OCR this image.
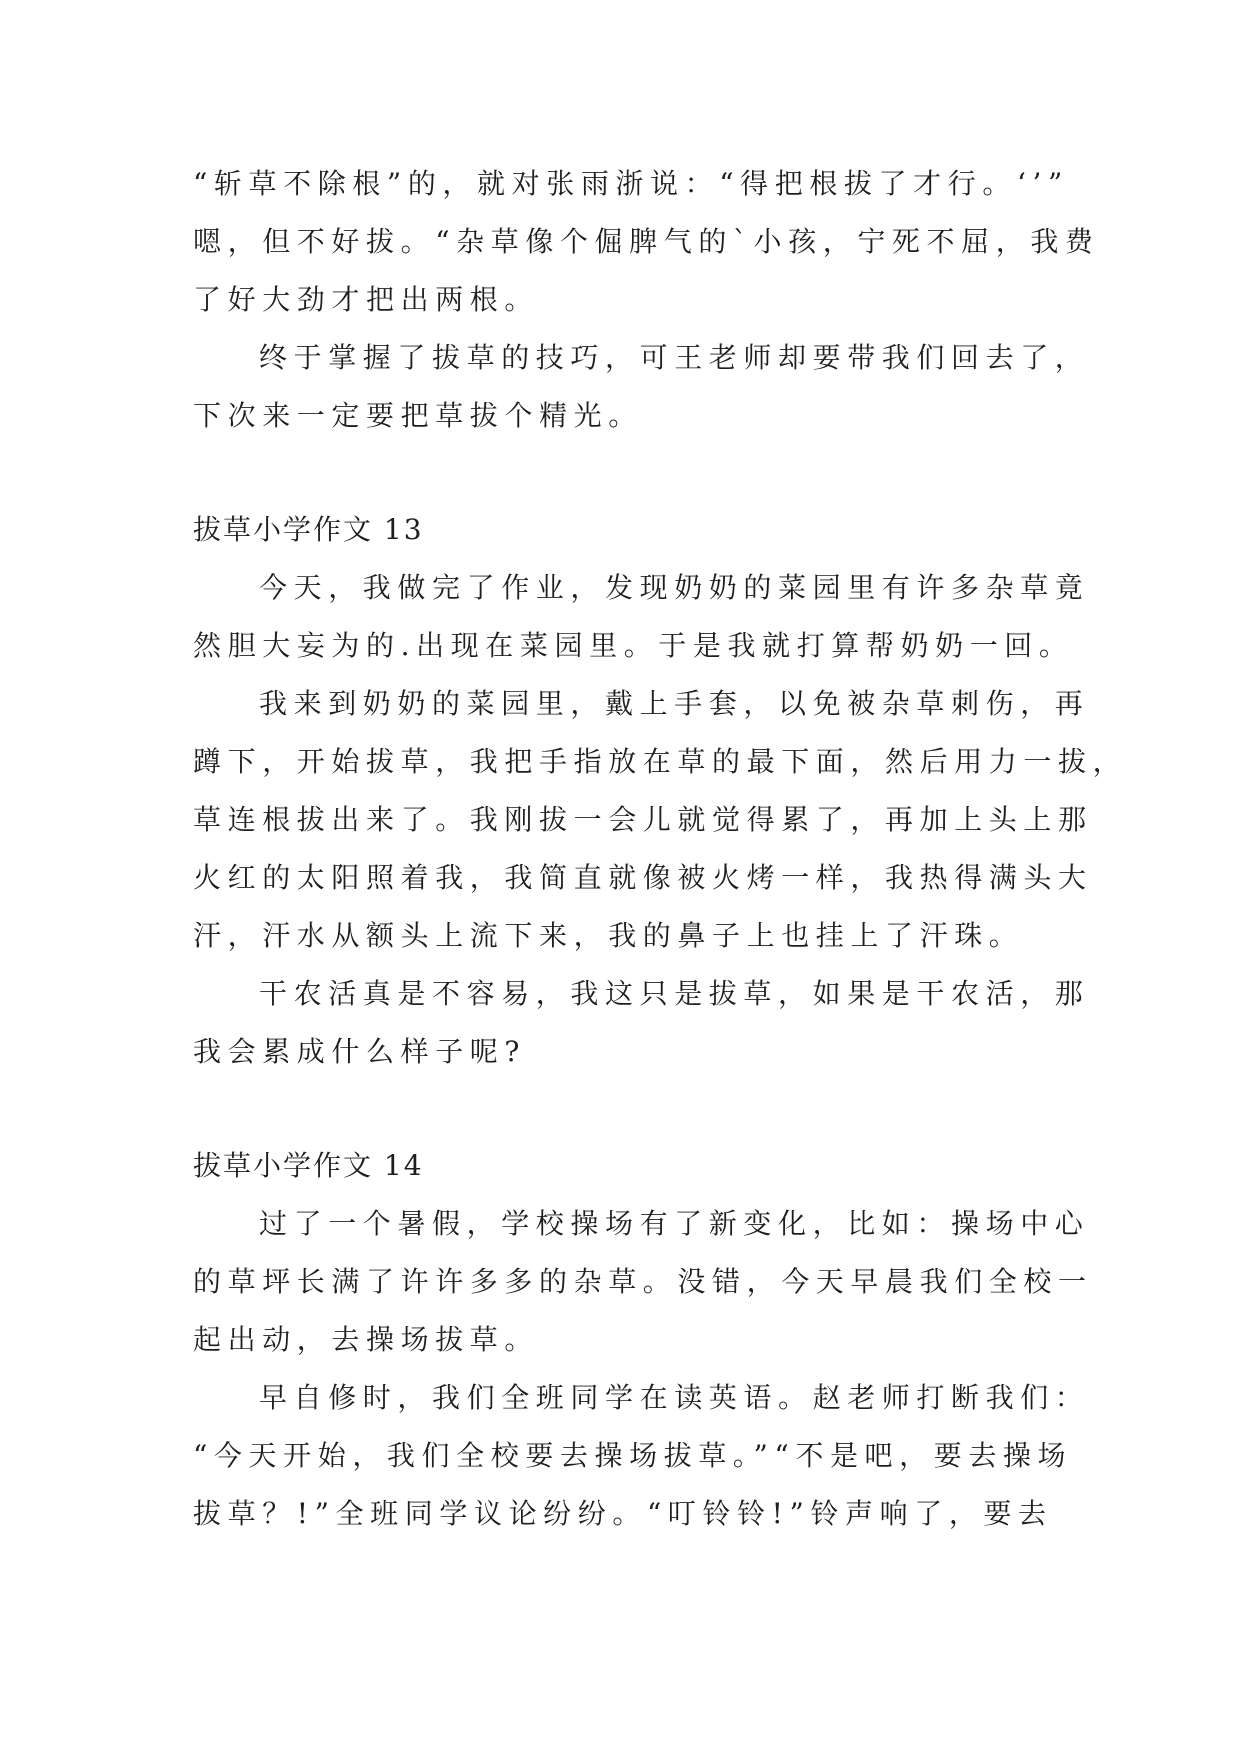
“斩草不除根”的，就对张雨浙说：“得把根拔了才行。‘’”
嗯，但不好拔。“杂草像个倔脾气的`小孩，宁死不屈，我费
了好大劲才把出两根。
终于掌握了拔草的技巧，可王老师却要带我们回去了，
下次来一定要把草拔个精光。
拔草小学作文 13
今天，我做完了作业，发现奶奶的菜园里有许多杂草竟
然胆大妄为的.出现在菜园里。于是我就打算帮奶奶一回。
我来到奶奶的菜园里，戴上手套，以免被杂草刺伤，再
蹲下，开始拔草，我把手指放在草的最下面，然后用力一拔，
草连根拔出来了。我刚拔一会儿就觉得累了，再加上头上那
火红的太阳照着我，我简直就像被火烤一样，我热得满头大
汗，汗水从额头上流下来，我的鼻子上也挂上了汗珠。
干农活真是不容易，我这只是拔草，如果是干农活，那
我会累成什么样子呢?
拔草小学作文 14
过了一个暑假，学校操场有了新变化，比如：操场中心
的草坪长满了许许多多的杂草。没错，今天早晨我们全校一
起出动，去操场拔草。
早自修时，我们全班同学在读英语。赵老师打断我们：
“今天开始，我们全校要去操场拔草。”“不是吧，要去操场
拔草？!”全班同学议论纷纷。“叮铃铃!”铃声响了，要去
